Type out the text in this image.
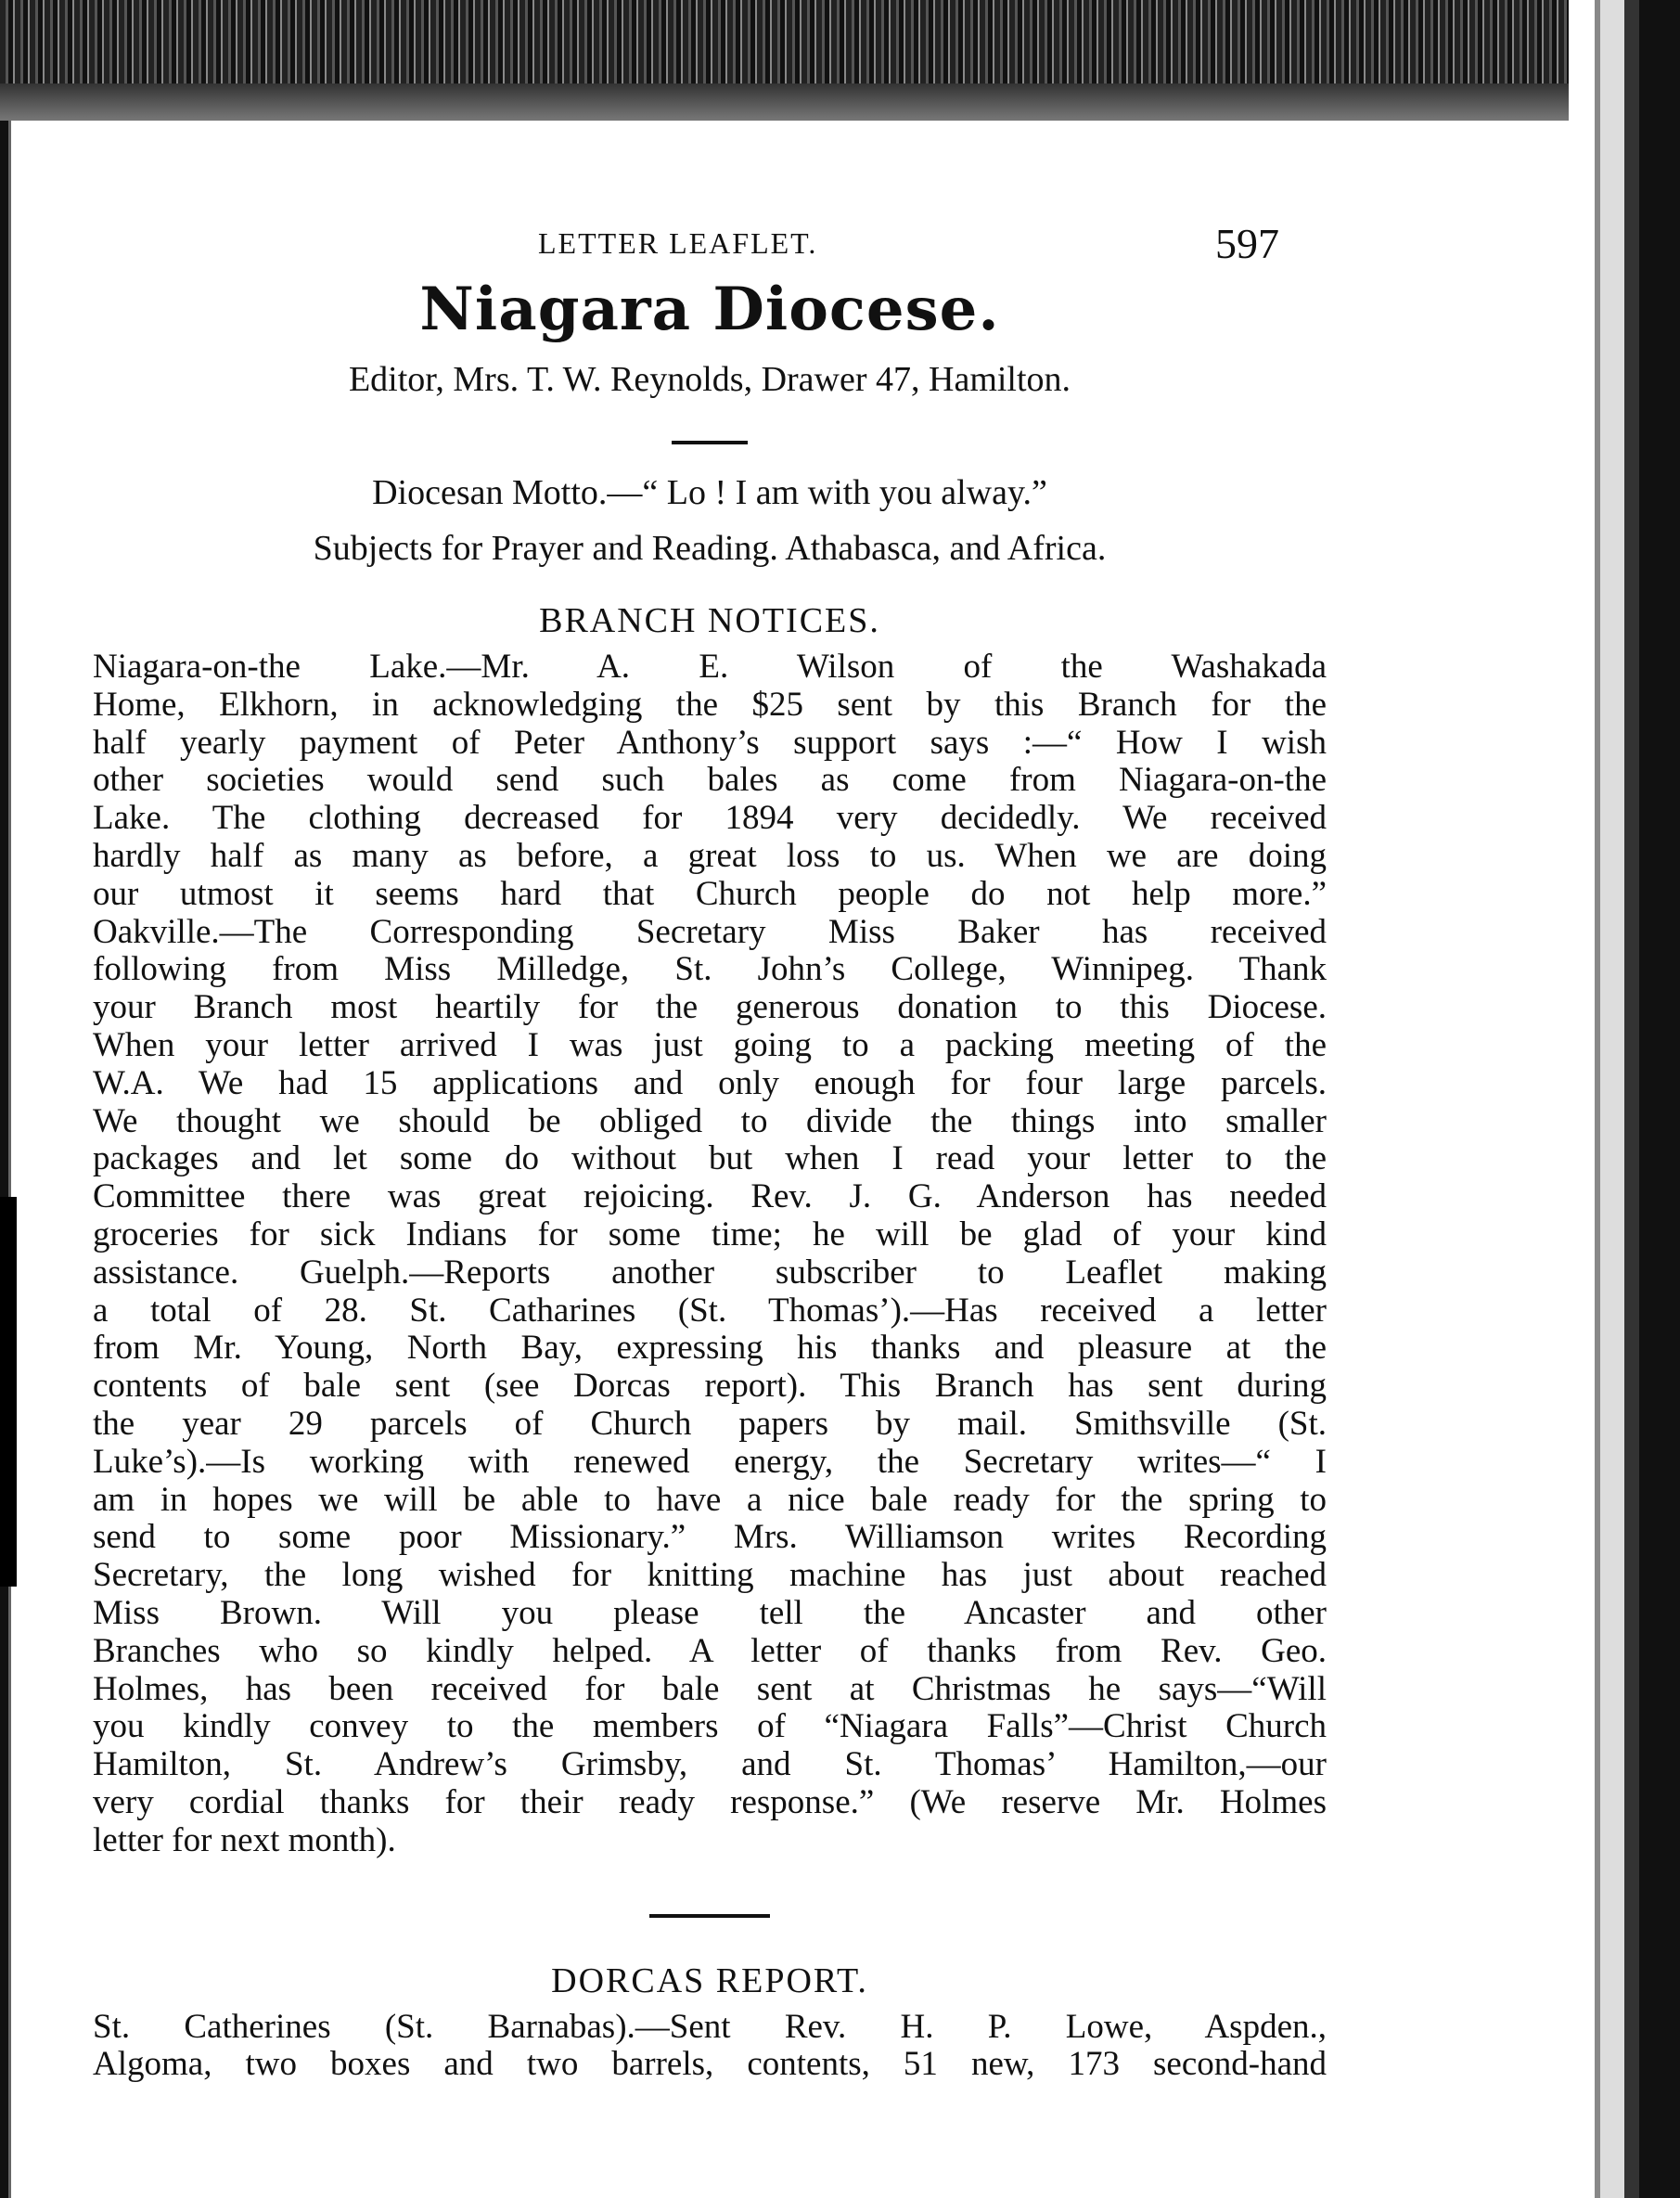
LETTER LEAFLET.	597
Niagara Diocese.
Editor, Mrs. T. W. Reynolds, Drawer 47, Hamilton.
Diocesan Motto.—“ Lo ! I am with you alway.”
Subjects for Prayer and Reading. Athabasca, and Africa.
BRANCH NOTICES.
Niagara-on-the Lake.—Mr. A. E. Wilson of the Washakada
Home, Elkhorn, in acknowledging the $25 sent by this Branch for the
half yearly payment of Peter Anthony’s support says :—“ How I wish
other societies would send such bales as come from Niagara-on-the
Lake. The clothing decreased for 1894 very decidedly. We received
hardly half as many as before, a great loss to us. When we are doing
our utmost it seems hard that Church people do not help more.”
Oakville.—The Corresponding Secretary Miss Baker has received
following from Miss Milledge, St. John’s College, Winnipeg. Thank
your Branch most heartily for the generous donation to this Diocese.
When your letter arrived I was just going to a packing meeting of the
W.A. We had 15 applications and only enough for four large parcels.
We thought we should be obliged to divide the things into smaller
packages and let some do without but when I read your letter to the
Committee there was great rejoicing. Rev. J. G. Anderson has needed
groceries for sick Indians for some time; he will be glad of your kind
assistance. Guelph.—Reports another subscriber to Leaflet making
a total of 28. St. Catharines (St. Thomas’).—Has received a letter
from Mr. Young, North Bay, expressing his thanks and pleasure at the
contents of bale sent (see Dorcas report). This Branch has sent during
the year 29 parcels of Church papers by mail. Smithsville (St.
Luke’s).—Is working with renewed energy, the Secretary writes—“ I
am in hopes we will be able to have a nice bale ready for the spring to
send to some poor Missionary.” Mrs. Williamson writes Recording
Secretary, the long wished for knitting machine has just about reached
Miss Brown. Will you please tell the Ancaster and other
Branches who so kindly helped. A letter of thanks from Rev. Geo.
Holmes, has been received for bale sent at Christmas he says—“Will
you kindly convey to the members of “Niagara Falls”—Christ Church
Hamilton, St. Andrew’s Grimsby, and St. Thomas’ Hamilton,—our
very cordial thanks for their ready response.” (We reserve Mr. Holmes
letter for next month).
DORCAS REPORT.
St. Catherines (St. Barnabas).—Sent Rev. H. P. Lowe, Aspden.,
Algoma, two boxes and two barrels, contents, 51 new, 173 second-hand
